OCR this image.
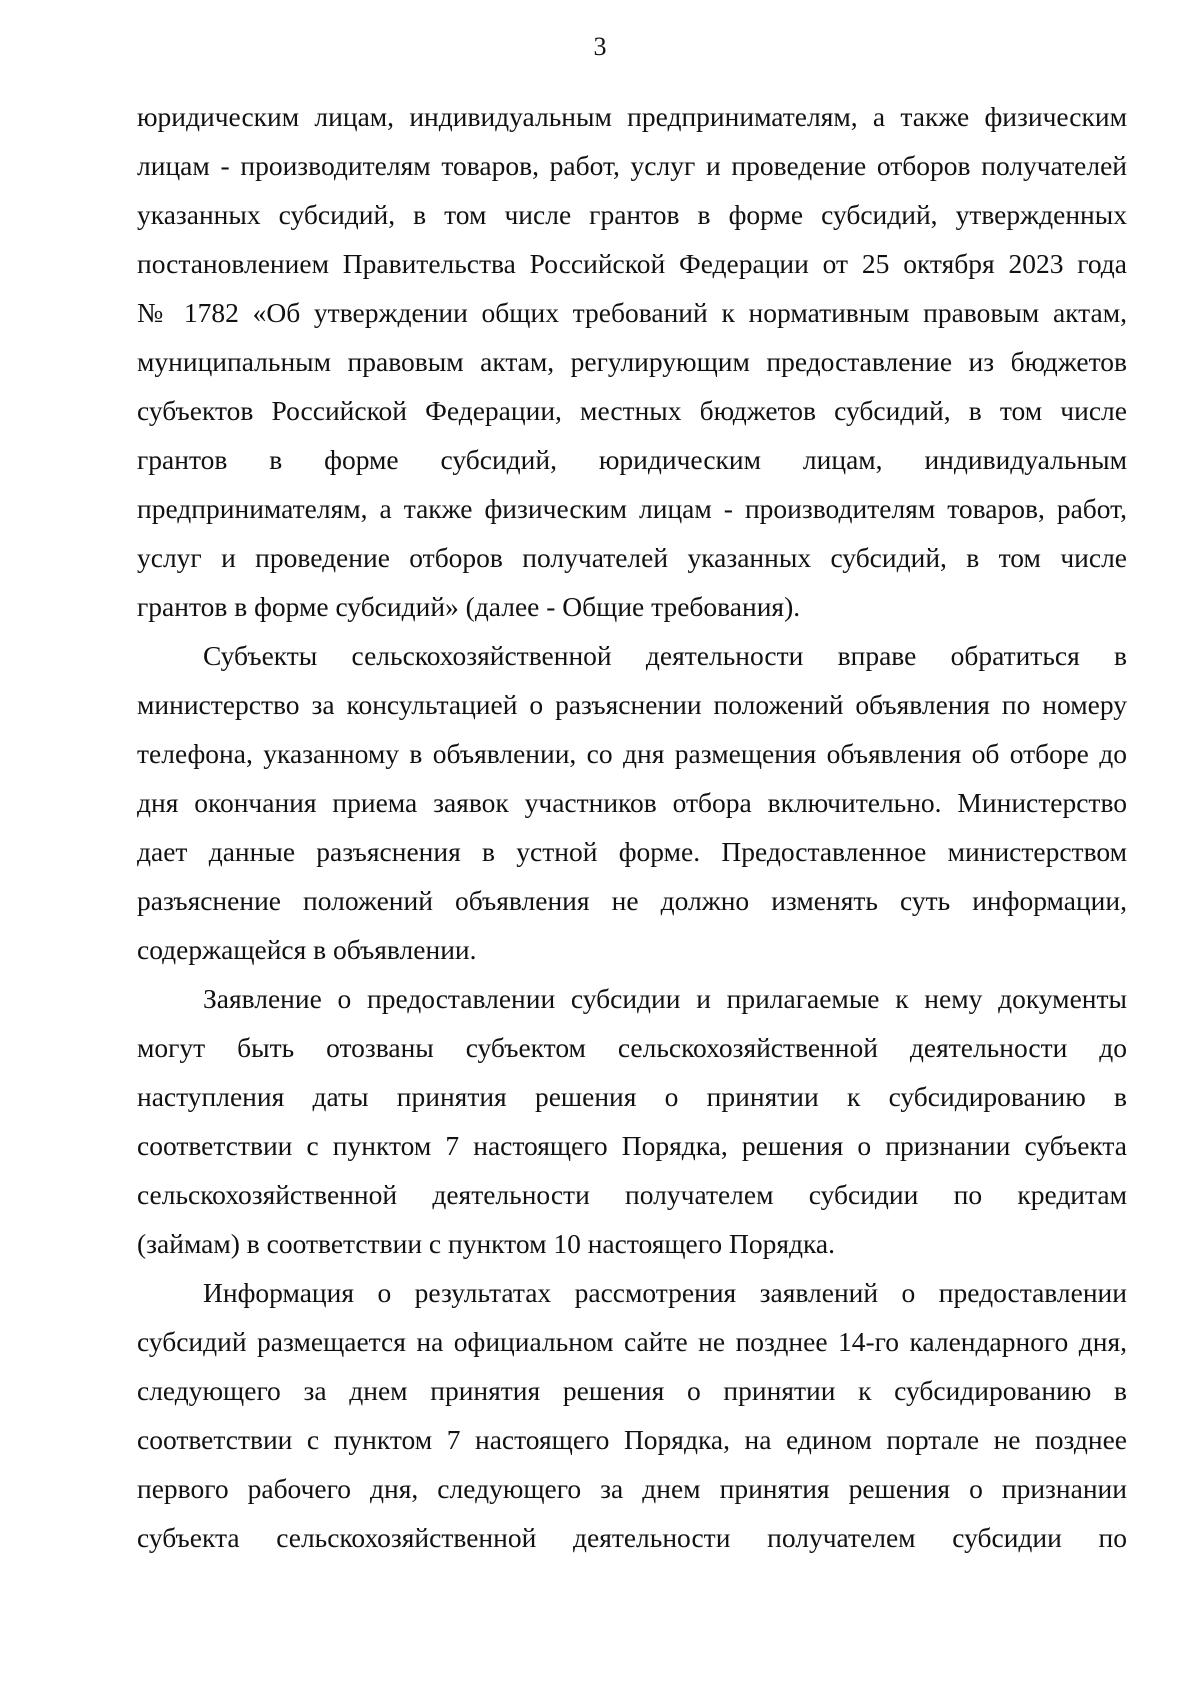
3
юридическим лицам, индивидуальным предпринимателям, а также физическим
лицам - производителям товаров, работ, услуг и проведение отборов получателей
указанных субсидий, в том числе грантов в форме субсидий, утвержденных
постановлением Правительства Российской Федерации от 25 октября 2023 года
№ 1782 «Об утверждении общих требований к нормативным правовым актам,
муниципальным правовым актам, регулирующим предоставление из бюджетов
субъектов Российской Федерации, местных бюджетов субсидий, в том числе
грантов в форме субсидий, юридическим лицам, индивидуальным
предпринимателям, а также физическим лицам - производителям товаров, работ,
услуг и проведение отборов получателей указанных субсидий, в том числе
грантов в форме субсидий» (далее - Общие требования).
Субъекты сельскохозяйственной деятельности вправе обратиться в
министерство за консультацией о разъяснении положений объявления по номеру
телефона, указанному в объявлении, со дня размещения объявления об отборе до
дня окончания приема заявок участников отбора включительно. Министерство
дает данные разъяснения в устной форме. Предоставленное министерством
разъяснение положений объявления не должно изменять суть информации,
содержащейся в объявлении.
Заявление о предоставлении субсидии и прилагаемые к нему документы
могут быть отозваны субъектом сельскохозяйственной деятельности до
наступления даты принятия решения о принятии к субсидированию в
соответствии с пунктом 7 настоящего Порядка, решения о признании субъекта
сельскохозяйственной деятельности получателем субсидии по кредитам
(займам) в соответствии с пунктом 10 настоящего Порядка.
Информация о результатах рассмотрения заявлений о предоставлении
субсидий размещается на официальном сайте не позднее 14-го календарного дня,
следующего за днем принятия решения о принятии к субсидированию в
соответствии с пунктом 7 настоящего Порядка, на едином портале не позднее
первого рабочего дня, следующего за днем принятия решения о признании
субъекта сельскохозяйственной деятельности получателем субсидии по
